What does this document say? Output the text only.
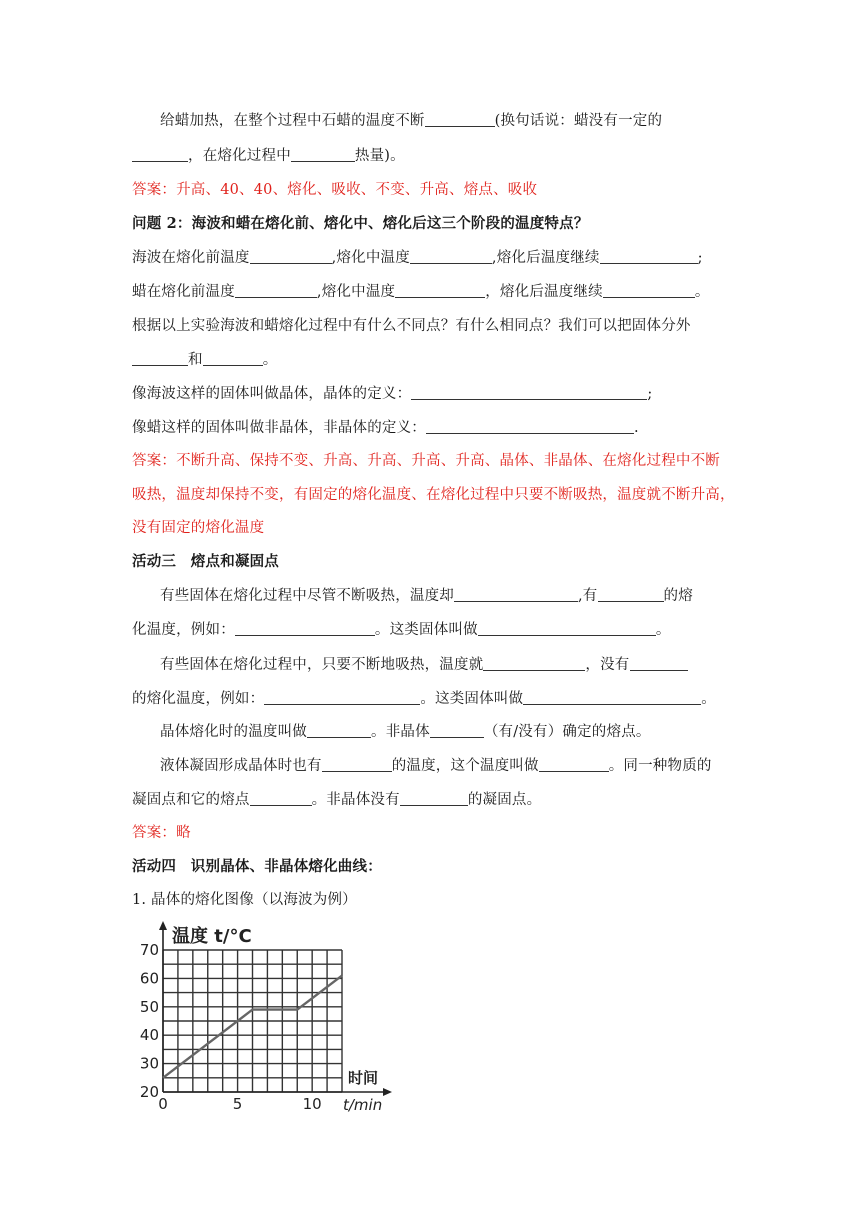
给蜡加热，在整个过程中石蜡的温度不断	(换句话说：蜡没有一定的
，在熔化过程中	热量)。
答案：升高、40、40、熔化、吸收、不变、升高、熔点、吸收
问题 2：海波和蜡在熔化前、熔化中、熔化后这三个阶段的温度特点？
海波在熔化前温度	,熔化中温度	,熔化后温度继续	;
蜡在熔化前温度	,熔化中温度	，熔化后温度继续	。
根据以上实验海波和蜡熔化过程中有什么不同点？有什么相同点？我们可以把固体分外
和	。
像海波这样的固体叫做晶体，晶体的定义：	;
像蜡这样的固体叫做非晶体，非晶体的定义：	.
答案：不断升高、保持不变、升高、升高、升高、升高、晶体、非晶体、在熔化过程中不断
吸热，温度却保持不变，有固定的熔化温度、在熔化过程中只要不断吸热，温度就不断升高，
没有固定的熔化温度
活动三　熔点和凝固点
有些固体在熔化过程中尽管不断吸热，温度却	,有	的熔
化温度，例如：	。这类固体叫做	。
有些固体在熔化过程中，只要不断地吸热，温度就	，没有
的熔化温度，例如：	。这类固体叫做	。
晶体熔化时的温度叫做	。非晶体	（有/没有）确定的熔点。
液体凝固形成晶体时也有	的温度，这个温度叫做	。同一种物质的
凝固点和它的熔点	。非晶体没有	的凝固点。
答案：略
活动四　识别晶体、非晶体熔化曲线：
1. 晶体的熔化图像（以海波为例）
20
30
40
50
60
70
0	5	10
温度 t/°C
时间
t/min
